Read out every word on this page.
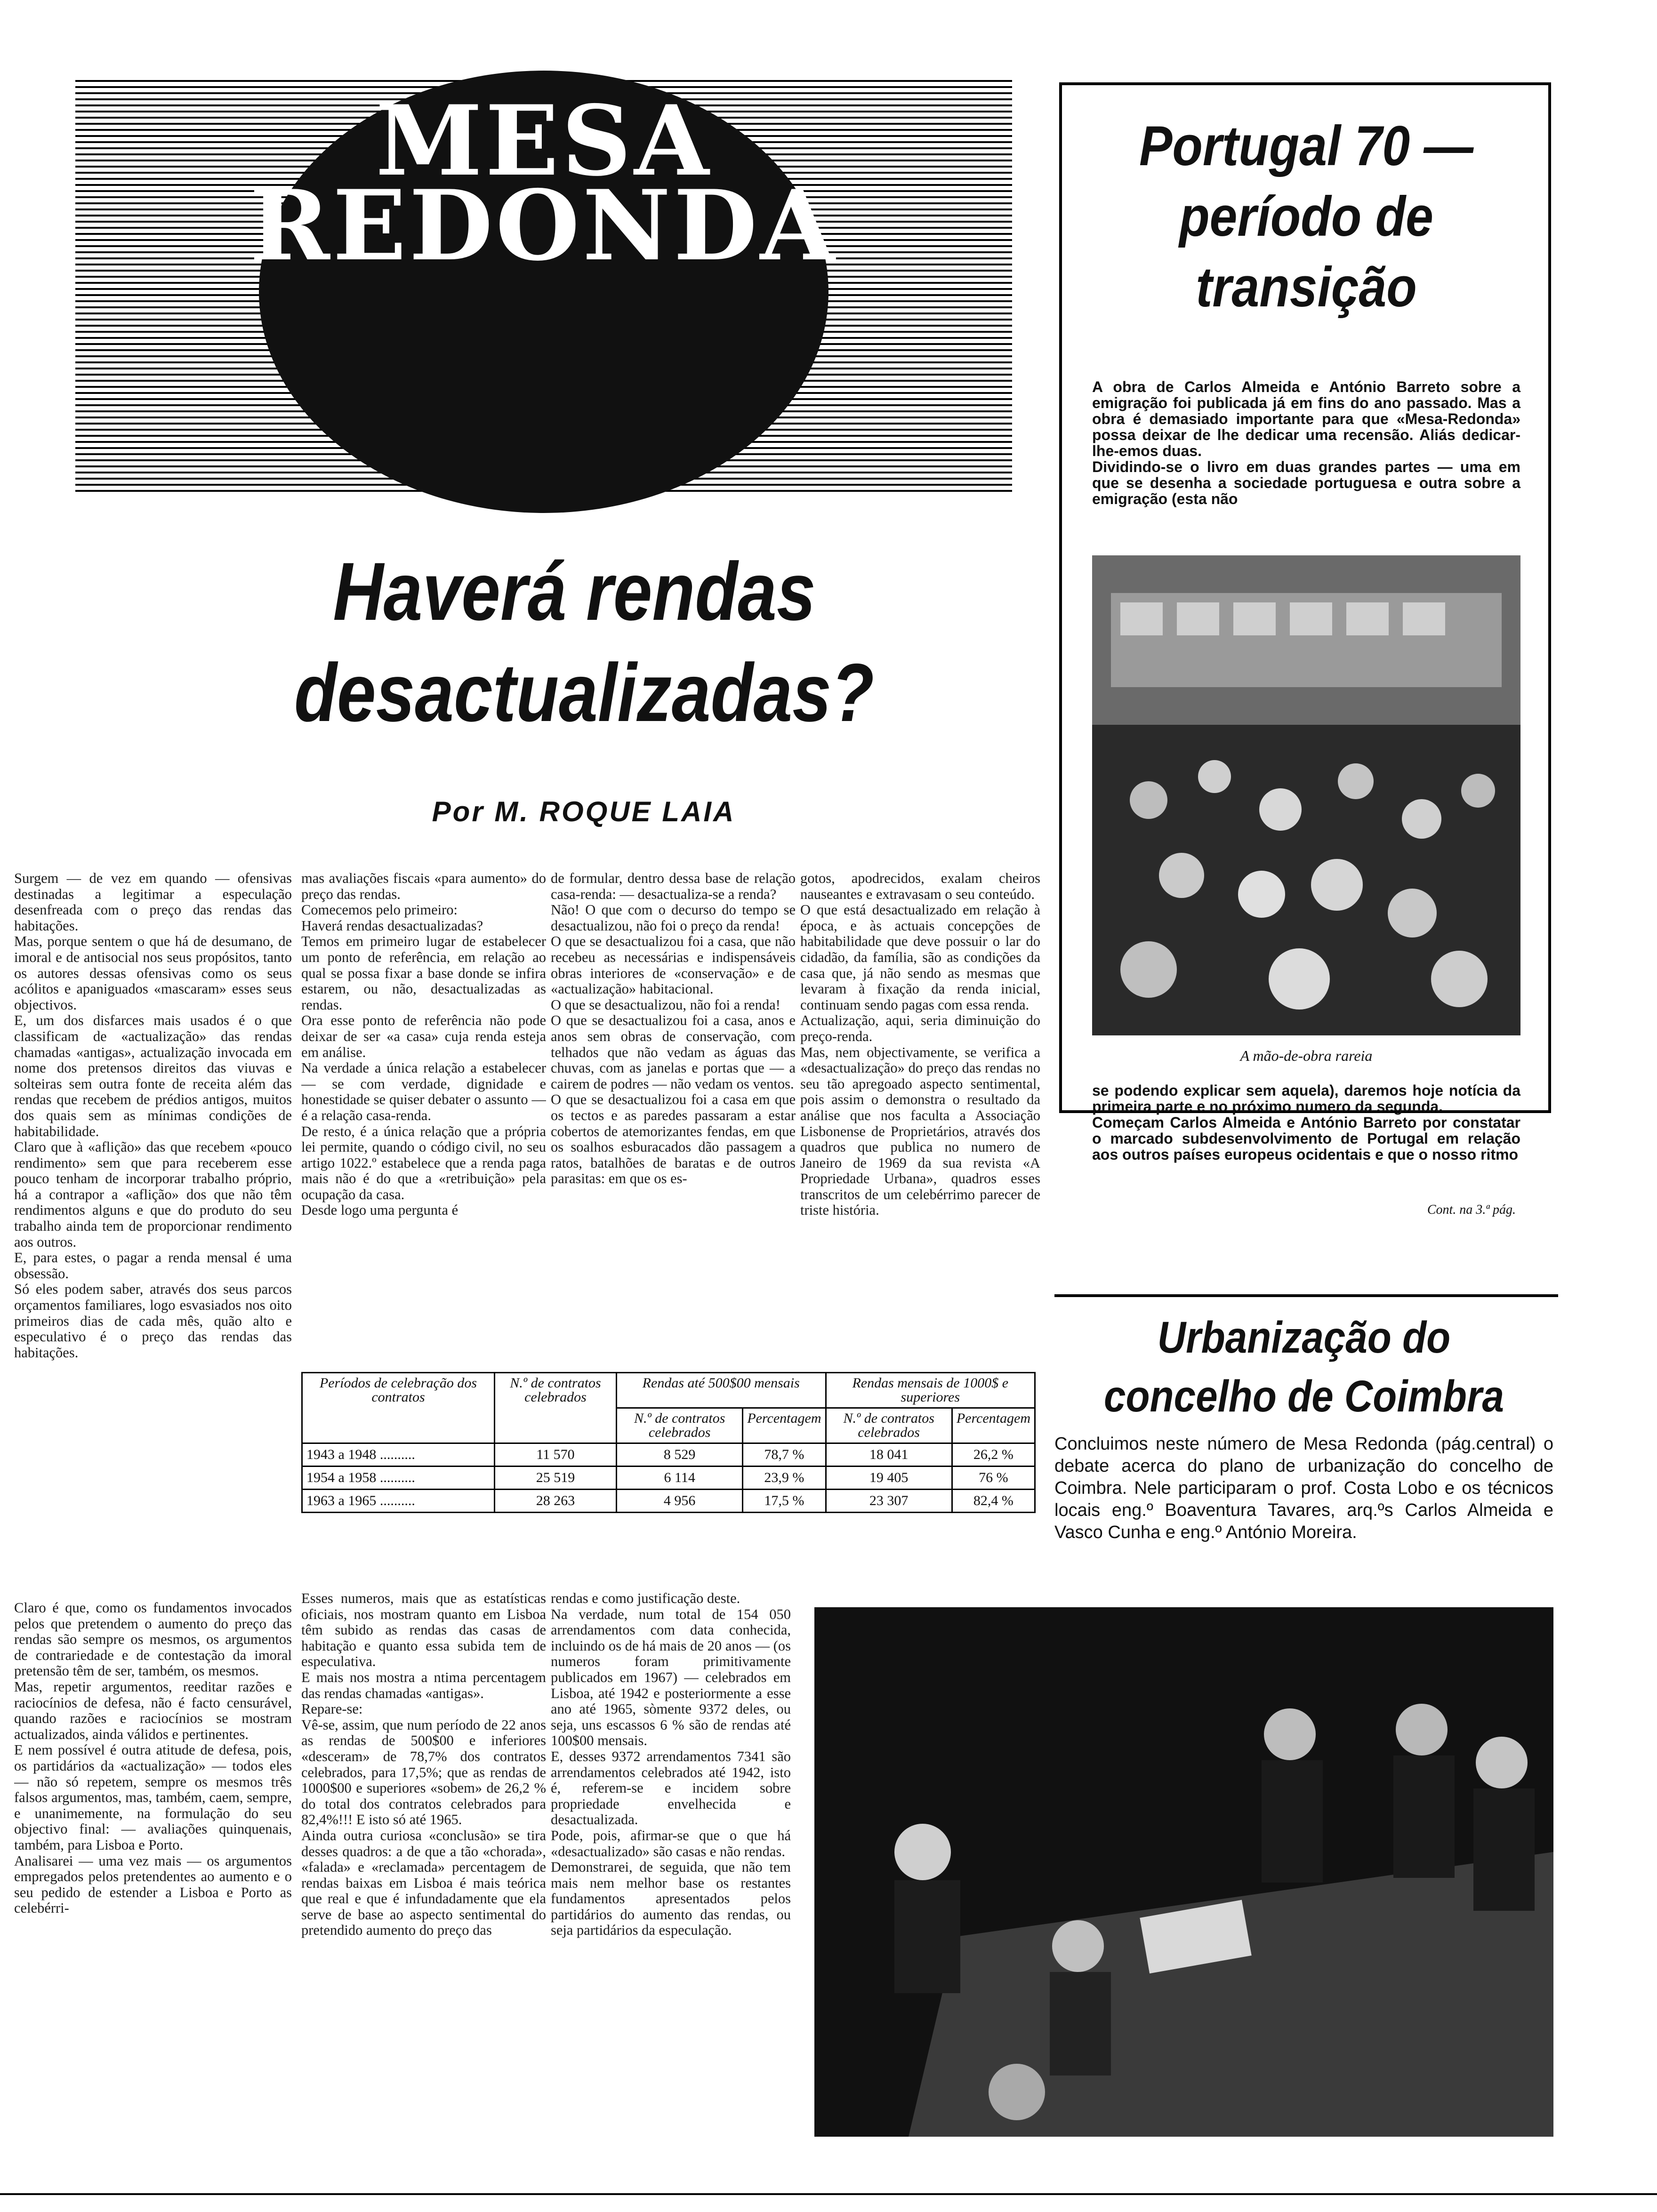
MESA
REDONDA
Haverá rendas
desactualizadas?
Por M. ROQUE LAIA
Surgem — de vez em quando — ofensivas destinadas a legitimar a especulação desenfreada com o preço das rendas das habitações.
Mas, porque sentem o que há de desumano, de imoral e de antisocial nos seus propósitos, tanto os autores dessas ofensivas como os seus acólitos e apaniguados «mascaram» esses seus objectivos.
E, um dos disfarces mais usados é o que classificam de «actualização» das rendas chamadas «antigas», actualização invocada em nome dos pretensos direitos das viuvas e solteiras sem outra fonte de receita além das rendas que recebem de prédios antigos, muitos dos quais sem as mínimas condições de habitabilidade.
Claro que à «aflição» das que recebem «pouco rendimento» sem que para receberem esse pouco tenham de incorporar trabalho próprio, há a contrapor a «aflição» dos que não têm rendimentos alguns e que do produto do seu trabalho ainda tem de proporcionar rendimento aos outros.
E, para estes, o pagar a renda mensal é uma obsessão.
Só eles podem saber, através dos seus parcos orçamentos familiares, logo esvasiados nos oito primeiros dias de cada mês, quão alto e especulativo é o preço das rendas das habitações.
mas avaliações fiscais «para aumento» do preço das rendas.
Comecemos pelo primeiro:
Haverá rendas desactualizadas?
Temos em primeiro lugar de estabelecer um ponto de referência, em relação ao qual se possa fixar a base donde se infira estarem, ou não, desactualizadas as rendas.
Ora esse ponto de referência não pode deixar de ser «a casa» cuja renda esteja em análise.
Na verdade a única relação a estabelecer — se com verdade, dignidade e honestidade se quiser debater o assunto — é a relação casa-renda.
De resto, é a única relação que a própria lei permite, quando o código civil, no seu artigo 1022.º estabelece que a renda paga mais não é do que a «retribuição» pela ocupação da casa.
Desde logo uma pergunta é
de formular, dentro dessa base de relação casa-renda: — desactualiza-se a renda?
Não! O que com o decurso do tempo se desactualizou, não foi o preço da renda!
O que se desactualizou foi a casa, que não recebeu as necessárias e indispensáveis obras interiores de «conservação» e de «actualização» habitacional.
O que se desactualizou, não foi a renda!
O que se desactualizou foi a casa, anos e anos sem obras de conservação, com telhados que não vedam as águas das chuvas, com as janelas e portas que — a cairem de podres — não vedam os ventos.
O que se desactualizou foi a casa em que os tectos e as paredes passaram a estar cobertos de atemorizantes fendas, em que os soalhos esburacados dão passagem a ratos, batalhões de baratas e de outros parasitas: em que os es-
gotos, apodrecidos, exalam cheiros nauseantes e extravasam o seu conteúdo.
O que está desactualizado em relação à época, e às actuais concepções de habitabilidade que deve possuir o lar do cidadão, da família, são as condições da casa que, já não sendo as mesmas que levaram à fixação da renda inicial, continuam sendo pagas com essa renda.
Actualização, aqui, seria diminuição do preço-renda.
Mas, nem objectivamente, se verifica a «desactualização» do preço das rendas no seu tão apregoado aspecto sentimental, pois assim o demonstra o resultado da análise que nos faculta a Associação Lisbonense de Proprietários, através dos quadros que publica no numero de Janeiro de 1969 da sua revista «A Propriedade Urbana», quadros esses transcritos de um celebérrimo parecer de triste história.
Períodos de celebração dos contratos	N.º de contratos celebrados	Rendas até 500$00 mensais		Rendas mensais de 1000$ e superiores	
		N.º de contratos celebrados	Percentagem	N.º de contratos celebrados	Percentagem
1943 a 1948 ..........	11 570	8 529	78,7 %	18 041	26,2 %
1954 a 1958 ..........	25 519	6 114	23,9 %	19 405	76 %
1963 a 1965 ..........	28 263	4 956	17,5 %	23 307	82,4 %
Claro é que, como os fundamentos invocados pelos que pretendem o aumento do preço das rendas são sempre os mesmos, os argumentos de contrariedade e de contestação da imoral pretensão têm de ser, também, os mesmos.
Mas, repetir argumentos, reeditar razões e raciocínios de defesa, não é facto censurável, quando razões e raciocínios se mostram actualizados, ainda válidos e pertinentes.
E nem possível é outra atitude de defesa, pois, os partidários da «actualização» — todos eles — não só repetem, sempre os mesmos três falsos argumentos, mas, também, caem, sempre, e unanimemente, na formulação do seu objectivo final: — avaliações quinquenais, também, para Lisboa e Porto.
Analisarei — uma vez mais — os argumentos empregados pelos pretendentes ao aumento e o seu pedido de estender a Lisboa e Porto as celebérri-
Esses numeros, mais que as estatísticas oficiais, nos mostram quanto em Lisboa têm subido as rendas das casas de habitação e quanto essa subida tem de especulativa.
E mais nos mostra a ntima percentagem das rendas chamadas «antigas».
Repare-se:
Vê-se, assim, que num período de 22 anos as rendas de 500$00 e inferiores «desceram» de 78,7% dos contratos celebrados, para 17,5%; que as rendas de 1000$00 e superiores «sobem» de 26,2 % do total dos contratos celebrados para 82,4%!!! E isto só até 1965.
Ainda outra curiosa «conclusão» se tira desses quadros: a de que a tão «chorada», «falada» e «reclamada» percentagem de rendas baixas em Lisboa é mais teórica que real e que é infundadamente que ela serve de base ao aspecto sentimental do pretendido aumento do preço das
rendas e como justificação deste.
Na verdade, num total de 154 050 arrendamentos com data conhecida, incluindo os de há mais de 20 anos — (os numeros foram primitivamente publicados em 1967) — celebrados em Lisboa, até 1942 e posteriormente a esse ano até 1965, sòmente 9372 deles, ou seja, uns escassos 6 % são de rendas até 100$00 mensais.
E, desses 9372 arrendamentos 7341 são arrendamentos celebrados até 1942, isto é, referem-se e incidem sobre propriedade envelhecida e desactualizada.
Pode, pois, afirmar-se que o que há «desactualizado» são casas e não rendas.
Demonstrarei, de seguida, que não tem mais nem melhor base os restantes fundamentos apresentados pelos partidários do aumento das rendas, ou seja partidários da especulação.
Portugal 70 —período de transição
A obra de Carlos Almeida e António Barreto sobre a emigração foi publicada já em fins do ano passado. Mas a obra é demasiado importante para que «Mesa-Redonda» possa deixar de lhe dedicar uma recensão. Aliás dedicar-lhe-emos duas.
Dividindo-se o livro em duas grandes partes — uma em que se desenha a sociedade portuguesa e outra sobre a emigração (esta não
A mão-de-obra rareia
se podendo explicar sem aquela), daremos hoje notícia da primeira parte e no próximo numero da segunda.
Começam Carlos Almeida e António Barreto por constatar o marcado subdesenvolvimento de Portugal em relação aos outros países europeus ocidentais e que o nosso ritmo
Cont. na 3.ª pág.
Urbanização do concelho de Coimbra
Concluimos neste número de Mesa Redonda (pág.central) o debate acerca do plano de urbanização do concelho de Coimbra. Nele participaram o prof. Costa Lobo e os técnicos locais eng.º Boaventura Tavares, arq.ºs Carlos Almeida e Vasco Cunha e eng.º António Moreira.
